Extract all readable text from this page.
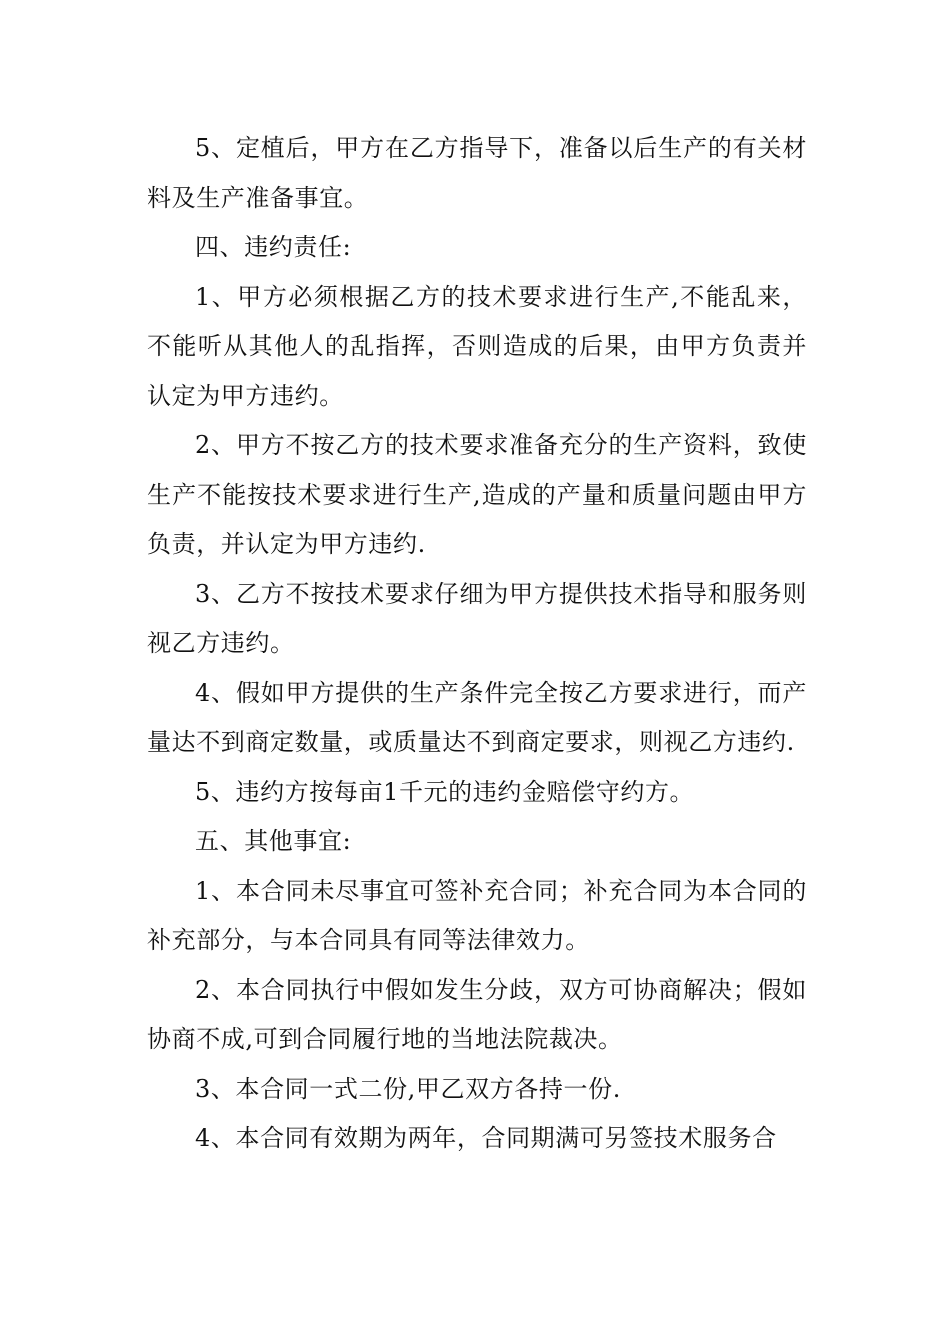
5、定植后，甲方在乙方指导下，准备以后生产的有关材料及生产准备事宜。

四、违约责任:

1、甲方必须根据乙方的技术要求进行生产,不能乱来，不能听从其他人的乱指挥，否则造成的后果，由甲方负责并认定为甲方违约。

2、甲方不按乙方的技术要求准备充分的生产资料，致使生产不能按技术要求进行生产,造成的产量和质量问题由甲方负责，并认定为甲方违约.

3、乙方不按技术要求仔细为甲方提供技术指导和服务则视乙方违约。

4、假如甲方提供的生产条件完全按乙方要求进行，而产量达不到商定数量，或质量达不到商定要求，则视乙方违约.

5、违约方按每亩1千元的违约金赔偿守约方。

五、其他事宜:

1、本合同未尽事宜可签补充合同；补充合同为本合同的补充部分，与本合同具有同等法律效力。

2、本合同执行中假如发生分歧，双方可协商解决；假如协商不成,可到合同履行地的当地法院裁决。

3、本合同一式二份,甲乙双方各持一份.

4、本合同有效期为两年，合同期满可另签技术服务合
